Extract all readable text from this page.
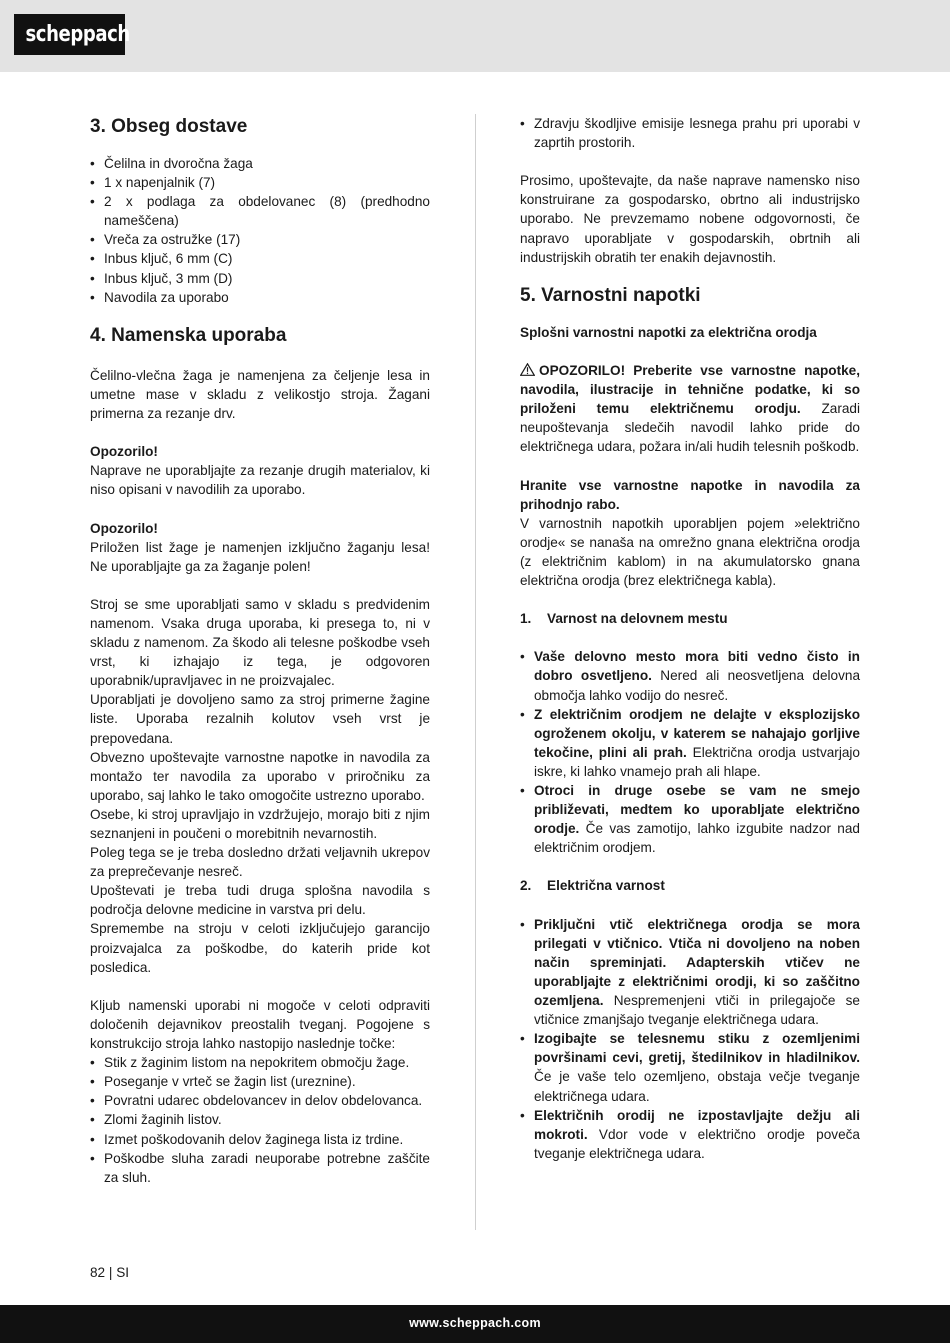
scheppach
3. Obseg dostave
• Čelilna in dvoročna žaga
• 1 x napenjalnik (7)
• 2 x podlaga za obdelovanec (8) (predhodno nameščena)
• Vreča za ostružke (17)
• Inbus ključ, 6 mm (C)
• Inbus ključ, 3 mm (D)
• Navodila za uporabo
4. Namenska uporaba

Čelilno-vlečna žaga je namenjena za čeljenje lesa in umetne mase v skladu z velikostjo stroja. Žagani primerna za rezanje drv.

Opozorilo!

Naprave ne uporabljajte za rezanje drugih materialov, ki niso opisani v navodilih za uporabo.

Opozorilo!

Priložen list žage je namenjen izključno žaganju lesa! Ne uporabljajte ga za žaganje polen!

Stroj se sme uporabljati samo v skladu s predvidenim namenom. Vsaka druga uporaba, ki presega to, ni v skladu z namenom. Za škodo ali telesne poškodbe vseh vrst, ki izhajajo iz tega, je odgovoren uporabnik/upravljavec in ne proizvajalec.

Uporabljati je dovoljeno samo za stroj primerne žagine liste. Uporaba rezalnih kolutov vseh vrst je prepovedana.

Obvezno upoštevajte varnostne napotke in navodila za montažo ter navodila za uporabo v priročniku za uporabo, saj lahko le tako omogočite ustrezno uporabo.

Osebe, ki stroj upravljajo in vzdržujejo, morajo biti z njim seznanjeni in poučeni o morebitnih nevarnostih.

Poleg tega se je treba dosledno držati veljavnih ukrepov za preprečevanje nesreč.

Upoštevati je treba tudi druga splošna navodila s področja delovne medicine in varstva pri delu.

Spremembe na stroju v celoti izključujejo garancijo proizvajalca za poškodbe, do katerih pride kot posledica.

Kljub namenski uporabi ni mogoče v celoti odpraviti določenih dejavnikov preostalih tveganj. Pogojene s konstrukcijo stroja lahko nastopijo naslednje točke:

• Stik z žaginim listom na nepokritem območju žage.
• Poseganje v vrteč se žagin list (ureznine).
• Povratni udarec obdelovancev in delov obdelovanca.
• Zlomi žaginih listov.
• Izmet poškodovanih delov žaginega lista iz trdine.
• Poškodbe sluha zaradi neuporabe potrebne zaščite za sluh.
• Zdravju škodljive emisije lesnega prahu pri uporabi v zaprtih prostorih.

Prosimo, upoštevajte, da naše naprave namensko niso konstruirane za gospodarsko, obrtno ali industrijsko uporabo. Ne prevzemamo nobene odgovornosti, če napravo uporabljate v gospodarskih, obrtnih ali industrijskih obratih ter enakih dejavnostih.

5. Varnostni napotki
Splošni varnostni napotki za električna orodja

OPOZORILO! Preberite vse varnostne napotke, navodila, ilustracije in tehnične podatke, ki so priloženi temu električnemu orodju. Zaradi neupoštevanja sledečih navodil lahko pride do električnega udara, požara in/ali hudih telesnih poškodb.

Hranite vse varnostne napotke in navodila za prihodnjo rabo.

V varnostnih napotkih uporabljen pojem »električno orodje« se nanaša na omrežno gnana električna orodja (z električnim kablom) in na akumulatorsko gnana električna orodja (brez električnega kabla).

1.	Varnost na delovnem mestu
• Vaše delovno mesto mora biti vedno čisto in dobro osvetljeno. Nered ali neosvetljena delovna območja lahko vodijo do nesreč.
• Z električnim orodjem ne delajte v eksplozijsko ogroženem okolju, v katerem se nahajajo gorljive tekočine, plini ali prah. Električna orodja ustvarjajo iskre, ki lahko vnamejo prah ali hlape.
• Otroci in druge osebe se vam ne smejo približevati, medtem ko uporabljate električno orodje. Če vas zamotijo, lahko izgubite nadzor nad električnim orodjem.
2.	Električna varnost
• Priključni vtič električnega orodja se mora prilegati v vtičnico. Vtiča ni dovoljeno na noben način spreminjati. Adapterskih vtičev ne uporabljajte z električnimi orodji, ki so zaščitno ozemljena. Nespremenjeni vtiči in prilegajoče se vtičnice zmanjšajo tveganje električnega udara.
• Izogibajte se telesnemu stiku z ozemljenimi površinami cevi, gretij, štedilnikov in hladilnikov. Če je vaše telo ozemljeno, obstaja večje tveganje električnega udara.
• Električnih orodij ne izpostavljajte dežju ali mokroti. Vdor vode v električno orodje poveča tveganje električnega udara.
82 | SI
www.scheppach.com
